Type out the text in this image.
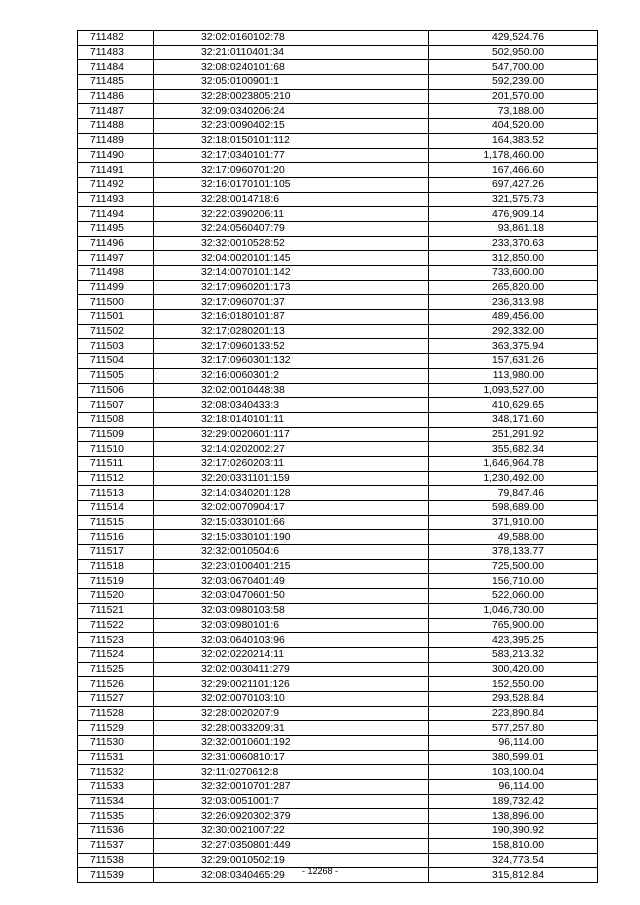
711482	32:02:0160102:78	429,524.76
711483	32:21:0110401:34	502,950.00
711484	32:08:0240101:68	547,700.00
711485	32:05:0100901:1	592,239.00
711486	32:28:0023805:210	201,570.00
711487	32:09:0340206:24	73,188.00
711488	32:23:0090402:15	404,520.00
711489	32:18:0150101:112	164,383.52
711490	32:17:0340101:77	1,178,460.00
711491	32:17:0960701:20	167,466.60
711492	32:16:0170101:105	697,427.26
711493	32:28:0014718:6	321,575.73
711494	32:22:0390206:11	476,909.14
711495	32:24:0560407:79	93,861.18
711496	32:32:0010528:52	233,370.63
711497	32:04:0020101:145	312,850.00
711498	32:14:0070101:142	733,600.00
711499	32:17:0960201:173	265,820.00
711500	32:17:0960701:37	236,313.98
711501	32:16:0180101:87	489,456.00
711502	32:17:0280201:13	292,332.00
711503	32:17:0960133:52	363,375.94
711504	32:17:0960301:132	157,631.26
711505	32:16:0060301:2	113,980.00
711506	32:02:0010448:38	1,093,527.00
711507	32:08:0340433:3	410,629.65
711508	32:18:0140101:11	348,171.60
711509	32:29:0020601:117	251,291.92
711510	32:14:0202002:27	355,682.34
711511	32:17:0260203:11	1,646,964.78
711512	32:20:0331101:159	1,230,492.00
711513	32:14:0340201:128	79,847.46
711514	32:02:0070904:17	598,689.00
711515	32:15:0330101:66	371,910.00
711516	32:15:0330101:190	49,588.00
711517	32:32:0010504:6	378,133.77
711518	32:23:0100401:215	725,500.00
711519	32:03:0670401:49	156,710.00
711520	32:03:0470601:50	522,060.00
711521	32:03:0980103:58	1,046,730.00
711522	32:03:0980101:6	765,900.00
711523	32:03:0640103:96	423,395.25
711524	32:02:0220214:11	583,213.32
711525	32:02:0030411:279	300,420.00
711526	32:29:0021101:126	152,550.00
711527	32:02:0070103:10	293,528.84
711528	32:28:0020207:9	223,890.84
711529	32:28:0033209:31	577,257.80
711530	32:32:0010601:192	96,114.00
711531	32:31:0060810:17	380,599.01
711532	32:11:0270612:8	103,100.04
711533	32:32:0010701:287	96,114.00
711534	32:03:0051001:7	189,732.42
711535	32:26:0920302:379	138,896.00
711536	32:30:0021007:22	190,390.92
711537	32:27:0350801:449	158,810.00
711538	32:29:0010502:19	324,773.54
711539	32:08:0340465:29	315,812.84
- 12268 -
